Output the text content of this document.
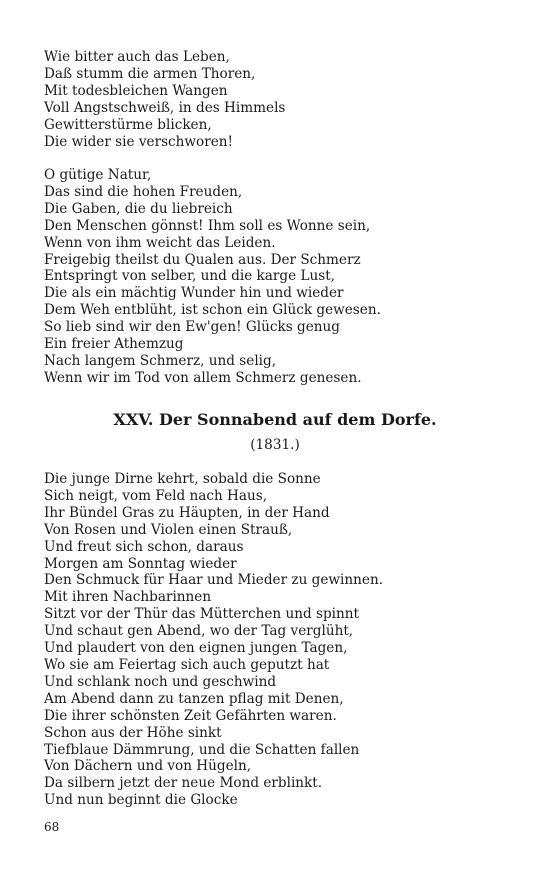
Wie bitter auch das Leben,
Daß stumm die armen Thoren,
Mit todesbleichen Wangen
Voll Angstschweiß, in des Himmels
Gewitterstürme blicken,
Die wider sie verschworen!
O gütige Natur,
Das sind die hohen Freuden,
Die Gaben, die du liebreich
Den Menschen gönnst! Ihm soll es Wonne sein,
Wenn von ihm weicht das Leiden.
Freigebig theilst du Qualen aus. Der Schmerz
Entspringt von selber, und die karge Lust,
Die als ein mächtig Wunder hin und wieder
Dem Weh entblüht, ist schon ein Glück gewesen.
So lieb sind wir den Ew'gen! Glücks genug
Ein freier Athemzug
Nach langem Schmerz, und selig,
Wenn wir im Tod von allem Schmerz genesen.
XXV. Der Sonnabend auf dem Dorfe.
(1831.)
Die junge Dirne kehrt, sobald die Sonne
Sich neigt, vom Feld nach Haus,
Ihr Bündel Gras zu Häupten, in der Hand
Von Rosen und Violen einen Strauß,
Und freut sich schon, daraus
Morgen am Sonntag wieder
Den Schmuck für Haar und Mieder zu gewinnen.
Mit ihren Nachbarinnen
Sitzt vor der Thür das Mütterchen und spinnt
Und schaut gen Abend, wo der Tag verglüht,
Und plaudert von den eignen jungen Tagen,
Wo sie am Feiertag sich auch geputzt hat
Und schlank noch und geschwind
Am Abend dann zu tanzen pflag mit Denen,
Die ihrer schönsten Zeit Gefährten waren.
Schon aus der Höhe sinkt
Tiefblaue Dämmrung, und die Schatten fallen
Von Dächern und von Hügeln,
Da silbern jetzt der neue Mond erblinkt.
Und nun beginnt die Glocke
68
